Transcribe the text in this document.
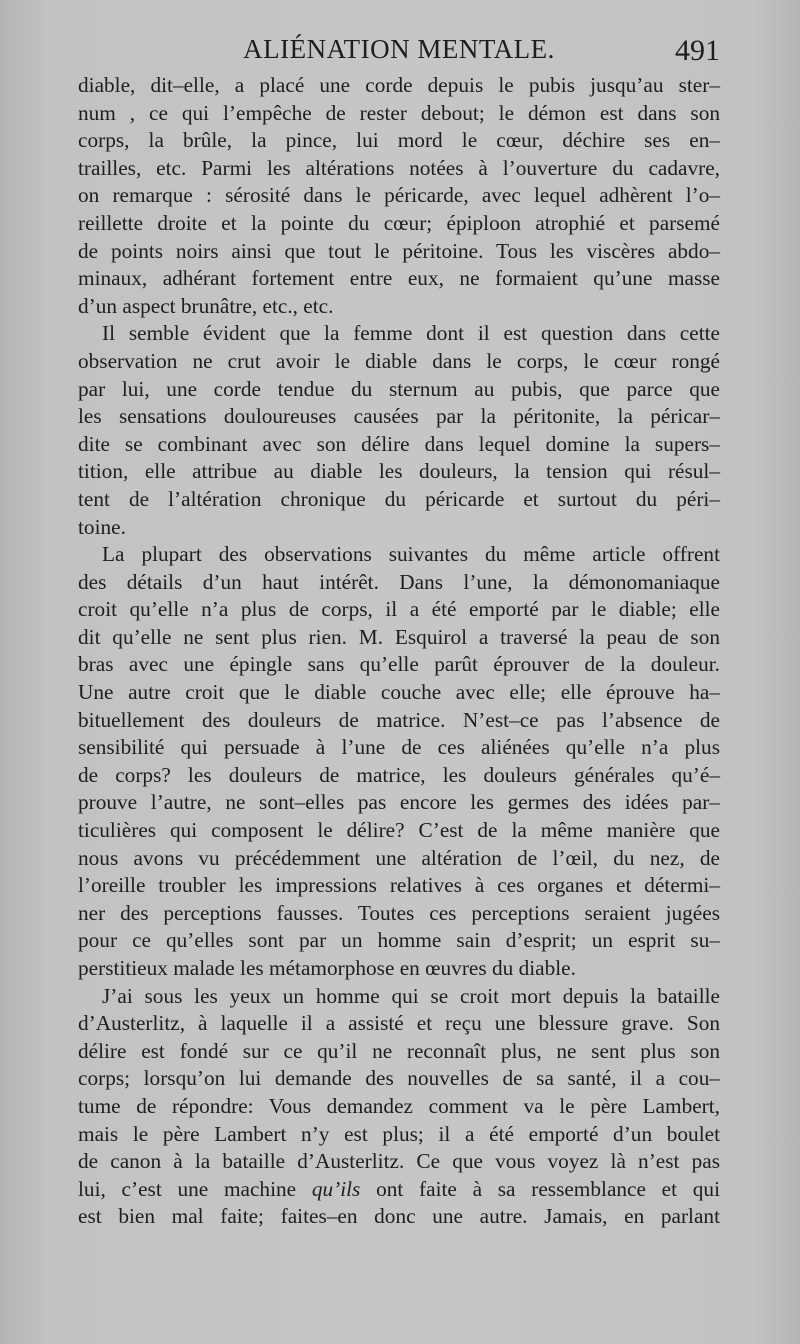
ALIÉNATION MENTALE.	491
diable, dit–elle, a placé une corde depuis le pubis jusqu’au ster–
num , ce qui l’empêche de rester debout; le démon est dans son
corps, la brûle, la pince, lui mord le cœur, déchire ses en–
trailles, etc. Parmi les altérations notées à l’ouverture du cadavre,
on remarque : sérosité dans le péricarde, avec lequel adhèrent l’o–
reillette droite et la pointe du cœur; épiploon atrophié et parsemé
de points noirs ainsi que tout le péritoine. Tous les viscères abdo–
minaux, adhérant fortement entre eux, ne formaient qu’une masse
d’un aspect brunâtre, etc., etc.
Il semble évident que la femme dont il est question dans cette
observation ne crut avoir le diable dans le corps, le cœur rongé
par lui, une corde tendue du sternum au pubis, que parce que
les sensations douloureuses causées par la péritonite, la péricar–
dite se combinant avec son délire dans lequel domine la supers–
tition, elle attribue au diable les douleurs, la tension qui résul–
tent de l’altération chronique du péricarde et surtout du péri–
toine.
La plupart des observations suivantes du même article offrent
des détails d’un haut intérêt. Dans l’une, la démonomaniaque
croit qu’elle n’a plus de corps, il a été emporté par le diable; elle
dit qu’elle ne sent plus rien. M. Esquirol a traversé la peau de son
bras avec une épingle sans qu’elle parût éprouver de la douleur.
Une autre croit que le diable couche avec elle; elle éprouve ha–
bituellement des douleurs de matrice. N’est–ce pas l’absence de
sensibilité qui persuade à l’une de ces aliénées qu’elle n’a plus
de corps? les douleurs de matrice, les douleurs générales qu’é–
prouve l’autre, ne sont–elles pas encore les germes des idées par–
ticulières qui composent le délire? C’est de la même manière que
nous avons vu précédemment une altération de l’œil, du nez, de
l’oreille troubler les impressions relatives à ces organes et détermi–
ner des perceptions fausses. Toutes ces perceptions seraient jugées
pour ce qu’elles sont par un homme sain d’esprit; un esprit su–
perstitieux malade les métamorphose en œuvres du diable.
J’ai sous les yeux un homme qui se croit mort depuis la bataille
d’Austerlitz, à laquelle il a assisté et reçu une blessure grave. Son
délire est fondé sur ce qu’il ne reconnaît plus, ne sent plus son
corps; lorsqu’on lui demande des nouvelles de sa santé, il a cou–
tume de répondre: Vous demandez comment va le père Lambert,
mais le père Lambert n’y est plus; il a été emporté d’un boulet
de canon à la bataille d’Austerlitz. Ce que vous voyez là n’est pas
lui, c’est une machine qu’ils ont faite à sa ressemblance et qui
est bien mal faite; faites–en donc une autre. Jamais, en parlant
